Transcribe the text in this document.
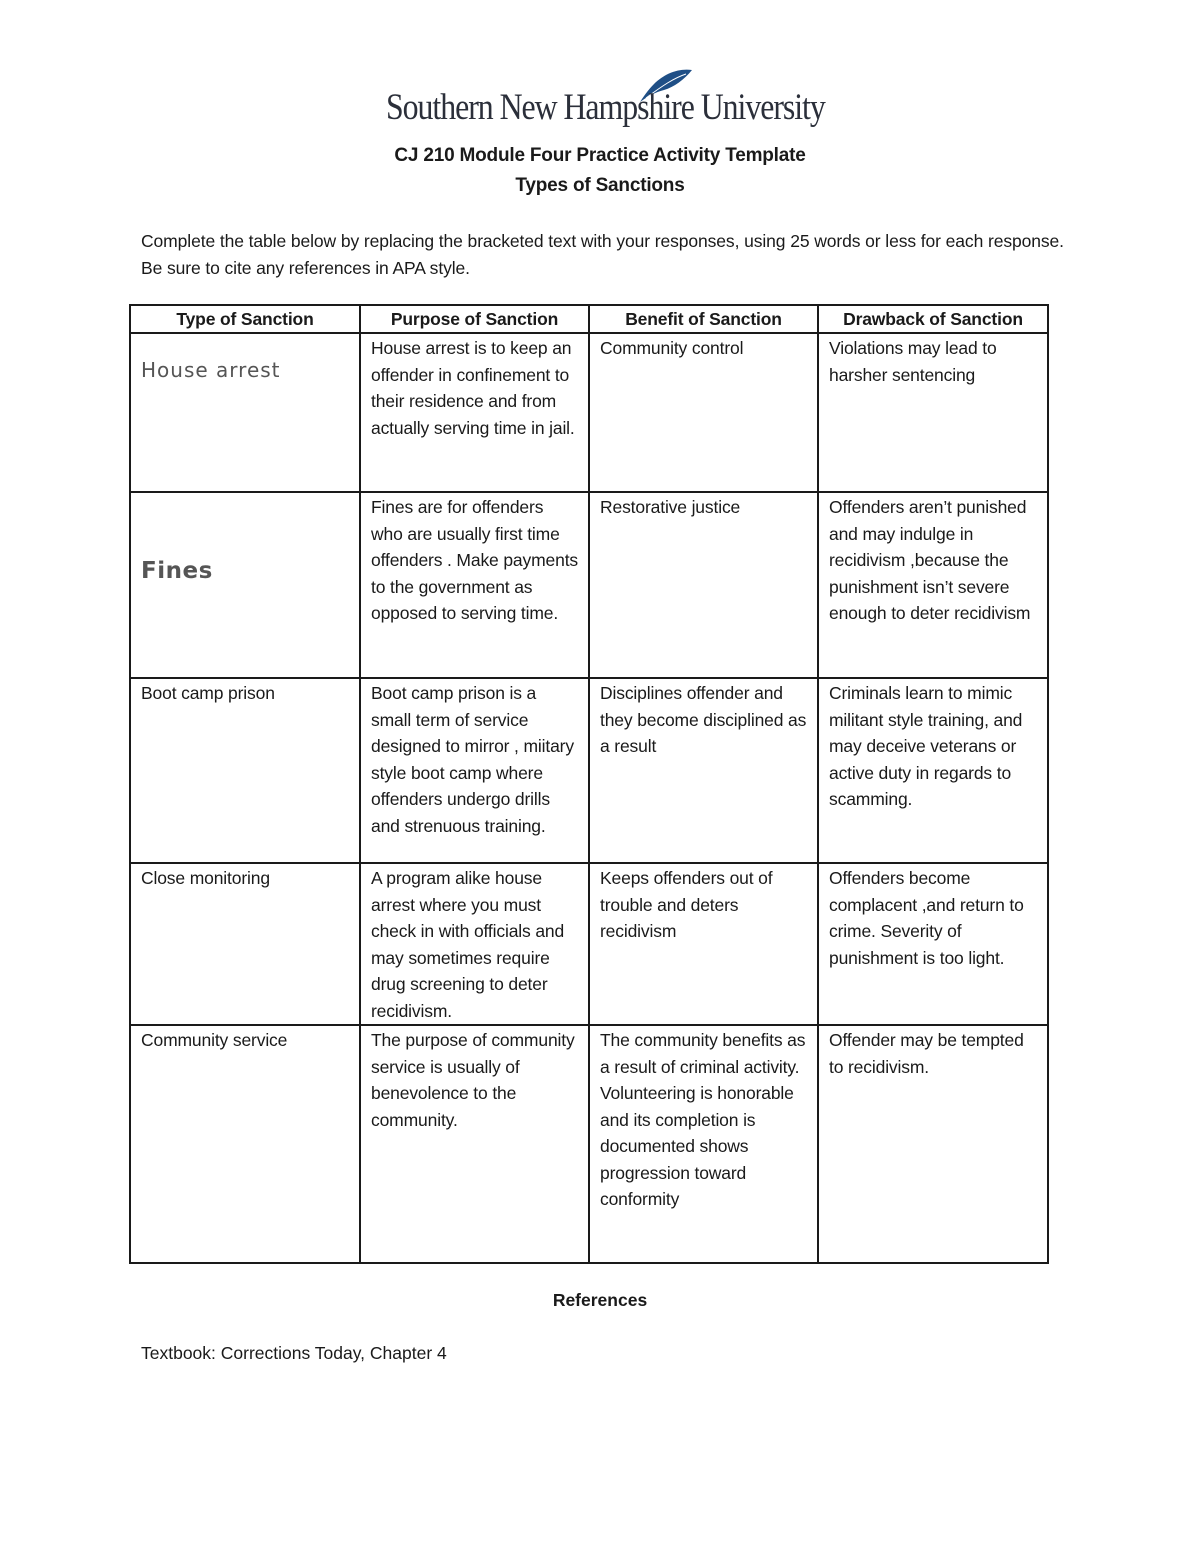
Southern New Hampshire University
CJ 210 Module Four Practice Activity Template
Types of Sanctions
Complete the table below by replacing the bracketed text with your responses, using 25 words or less for each response. Be sure to cite any references in APA style.
Type of Sanction	Purpose of Sanction	Benefit of Sanction	Drawback of Sanction

House arrest	House arrest is to keep an offender in confinement to their residence and from actually serving time in jail.	Community control	Violations may lead to harsher sentencing

Fines	Fines are for offenders who are usually first time offenders . Make payments to the government as opposed to serving time.	Restorative justice	Offenders aren’t punished and may indulge in recidivism ,because the punishment isn’t severe enough to deter recidivism
Boot camp prison	Boot camp prison is a small term of service designed to mirror , miitary style boot camp where offenders undergo drills and strenuous training.	Disciplines offender and they become disciplined as a result	Criminals learn to mimic militant style training, and may deceive veterans or active duty in regards to scamming.
Close monitoring	A program alike house arrest where you must check in with officials and may sometimes require drug screening to deter recidivism.	Keeps offenders out of trouble and deters recidivism	Offenders become complacent ,and return to crime. Severity of punishment is too light.
Community service	The purpose of community service is usually of benevolence to the community.	The community benefits as a result of criminal activity. Volunteering is honorable and its completion is documented shows progression toward conformity	Offender may be tempted to recidivism.
References
Textbook: Corrections Today, Chapter 4
